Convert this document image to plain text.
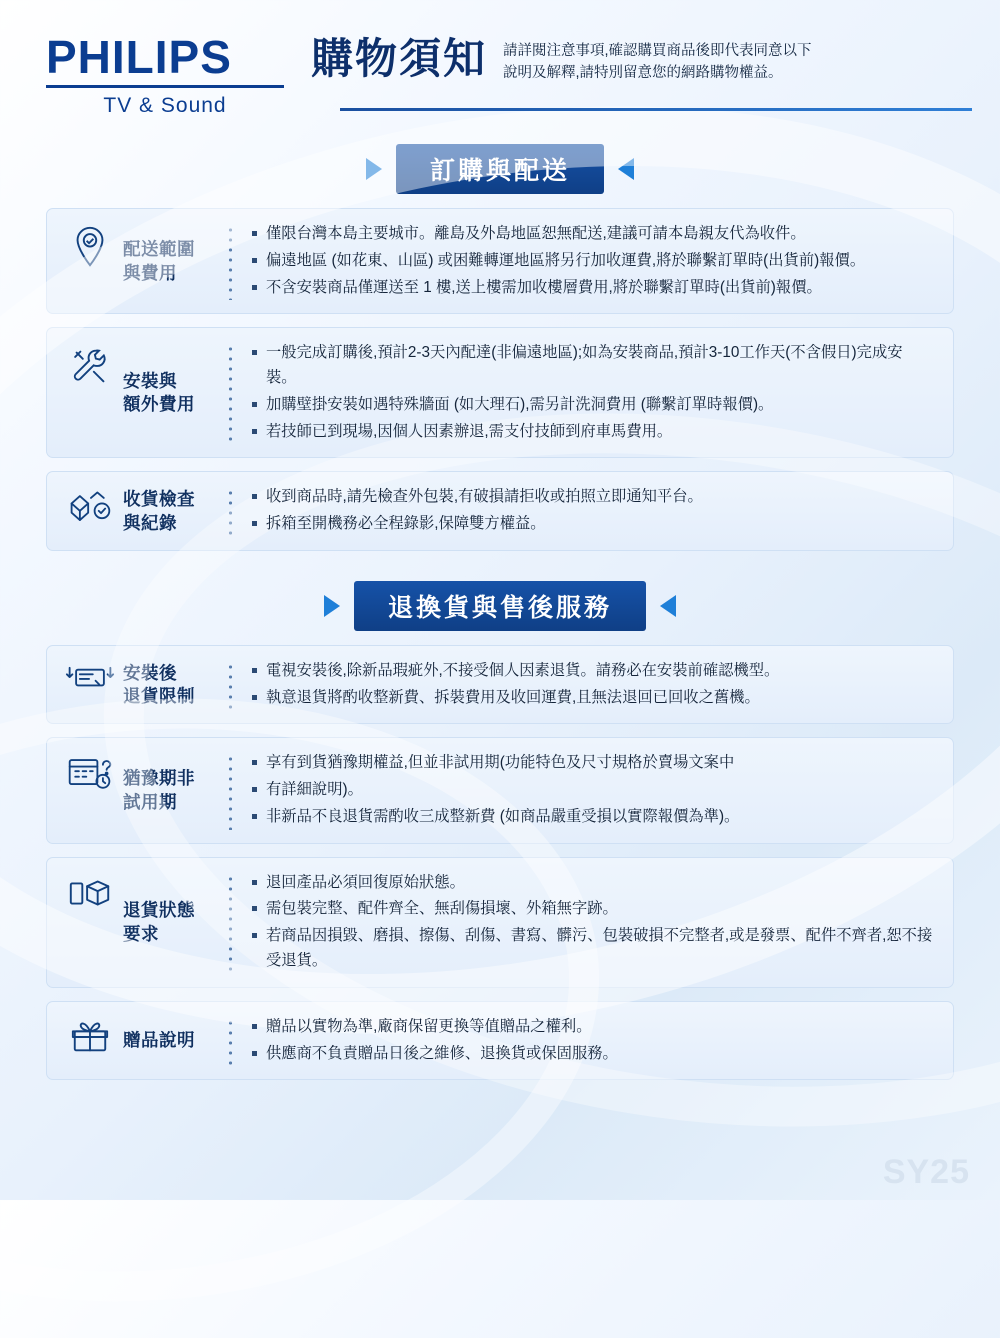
PHILIPS
TV & Sound
購物須知 請詳閱注意事項,確認購買商品後即代表同意以下
說明及解釋,請特別留意您的網路購物權益。
訂購與配送
配送範圍
與費用
僅限台灣本島主要城市。離島及外島地區恕無配送,建議可請本島親友代為收件。
偏遠地區 (如花東、山區) 或困難轉運地區將另行加收運費,將於聯繫訂單時(出貨前)報價。
不含安裝商品僅運送至 1 樓,送上樓需加收樓層費用,將於聯繫訂單時(出貨前)報價。
安裝與
額外費用
一般完成訂購後,預計2-3天內配達(非偏遠地區);如為安裝商品,預計3-10工作天(不含假日)完成安裝。
加購壁掛安裝如遇特殊牆面 (如大理石),需另計洗洞費用 (聯繫訂單時報價)。
若技師已到現場,因個人因素辦退,需支付技師到府車馬費用。
收貨檢查
與紀錄
收到商品時,請先檢查外包裝,有破損請拒收或拍照立即通知平台。
拆箱至開機務必全程錄影,保障雙方權益。
退換貨與售後服務
安裝後
退貨限制
電視安裝後,除新品瑕疵外,不接受個人因素退貨。請務必在安裝前確認機型。
執意退貨將酌收整新費、拆裝費用及收回運費,且無法退回已回收之舊機。
猶豫期非
試用期
享有到貨猶豫期權益,但並非試用期(功能特色及尺寸規格於賣場文案中
有詳細說明)。
非新品不良退貨需酌收三成整新費 (如商品嚴重受損以實際報價為準)。
退貨狀態
要求
退回產品必須回復原始狀態。
需包裝完整、配件齊全、無刮傷損壞、外箱無字跡。
若商品因損毀、磨損、擦傷、刮傷、書寫、髒污、包裝破損不完整者,或是發票、配件不齊者,恕不接受退貨。
贈品說明
贈品以實物為準,廠商保留更換等值贈品之權利。
供應商不負責贈品日後之維修、退換貨或保固服務。
SY25
